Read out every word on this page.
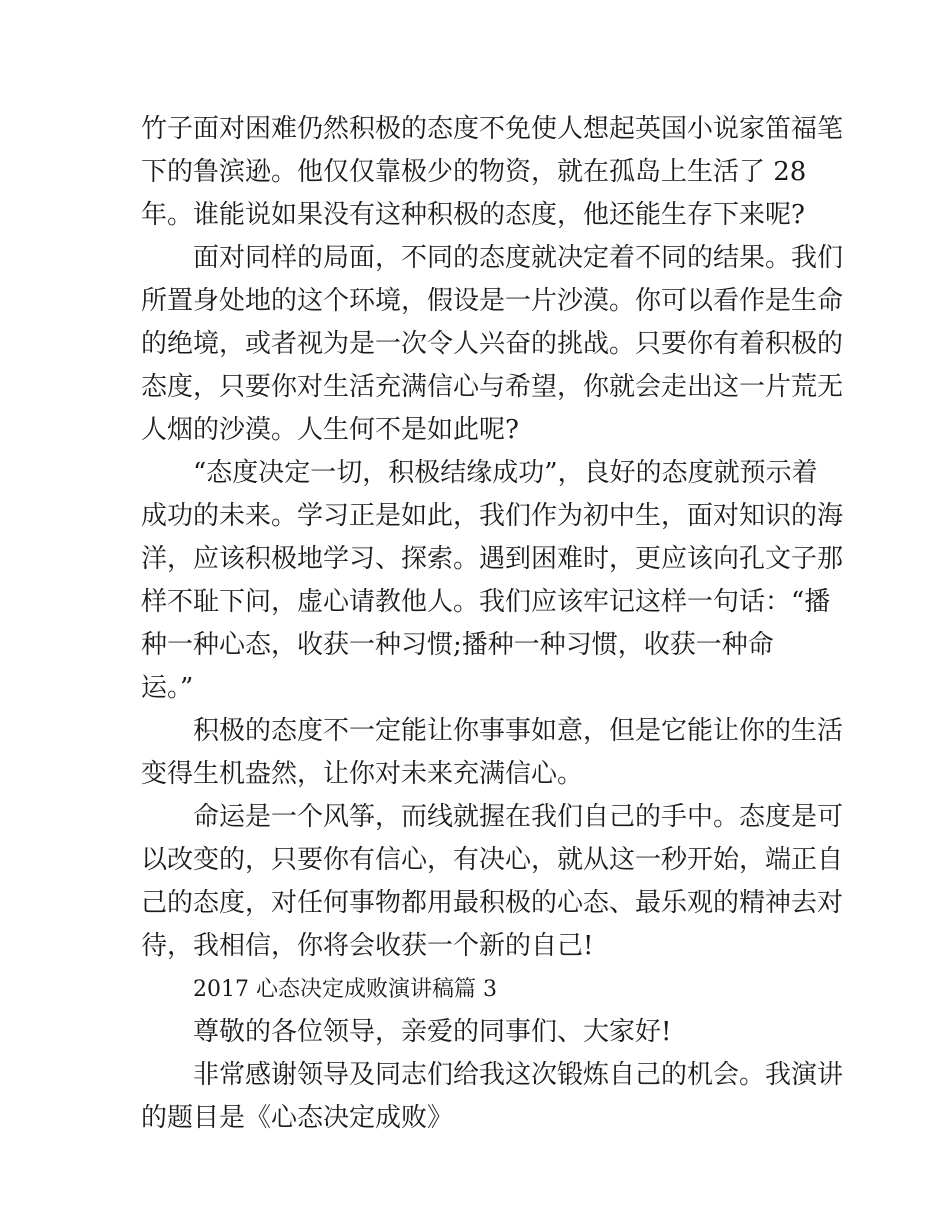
竹子面对困难仍然积极的态度不免使人想起英国小说家笛福笔
下的鲁滨逊。他仅仅靠极少的物资，就在孤岛上生活了 28
年。谁能说如果没有这种积极的态度，他还能生存下来呢?
面对同样的局面，不同的态度就决定着不同的结果。我们
所置身处地的这个环境，假设是一片沙漠。你可以看作是生命
的绝境，或者视为是一次令人兴奋的挑战。只要你有着积极的
态度，只要你对生活充满信心与希望，你就会走出这一片荒无
人烟的沙漠。人生何不是如此呢?
“态度决定一切，积极结缘成功”，良好的态度就预示着
成功的未来。学习正是如此，我们作为初中生，面对知识的海
洋，应该积极地学习、探索。遇到困难时，更应该向孔文子那
样不耻下问，虚心请教他人。我们应该牢记这样一句话：“播
种一种心态，收获一种习惯;播种一种习惯，收获一种命
运。”
积极的态度不一定能让你事事如意，但是它能让你的生活
变得生机盎然，让你对未来充满信心。
命运是一个风筝，而线就握在我们自己的手中。态度是可
以改变的，只要你有信心，有决心，就从这一秒开始，端正自
己的态度，对任何事物都用最积极的心态、最乐观的精神去对
待，我相信，你将会收获一个新的自己!
2017 心态决定成败演讲稿篇 3
尊敬的各位领导，亲爱的同事们、大家好!
非常感谢领导及同志们给我这次锻炼自己的机会。我演讲
的题目是《心态决定成败》
